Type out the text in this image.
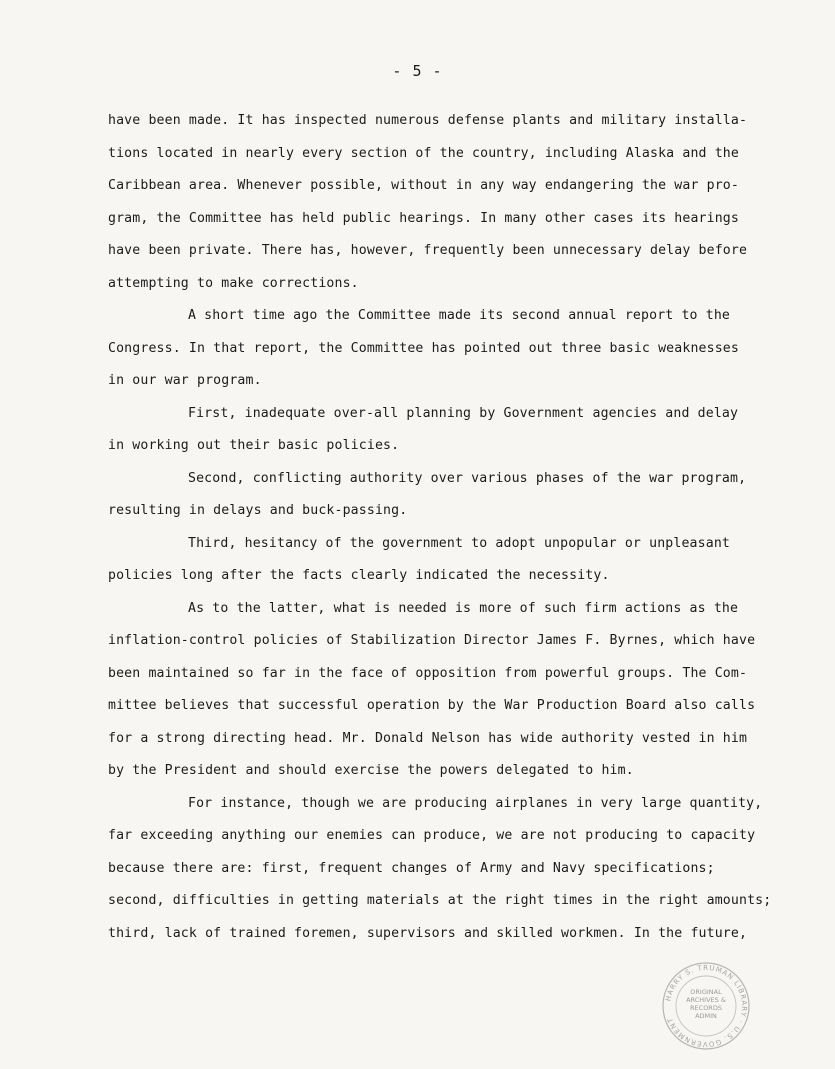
- 5 -
have been made. It has inspected numerous defense plants and military installa-
tions located in nearly every section of the country, including Alaska and the
Caribbean area. Whenever possible, without in any way endangering the war pro-
gram, the Committee has held public hearings. In many other cases its hearings
have been private. There has, however, frequently been unnecessary delay before
attempting to make corrections.
A short time ago the Committee made its second annual report to the
Congress. In that report, the Committee has pointed out three basic weaknesses
in our war program.
First, inadequate over-all planning by Government agencies and delay
in working out their basic policies.
Second, conflicting authority over various phases of the war program,
resulting in delays and buck-passing.
Third, hesitancy of the government to adopt unpopular or unpleasant
policies long after the facts clearly indicated the necessity.
As to the latter, what is needed is more of such firm actions as the
inflation-control policies of Stabilization Director James F. Byrnes, which have
been maintained so far in the face of opposition from powerful groups. The Com-
mittee believes that successful operation by the War Production Board also calls
for a strong directing head. Mr. Donald Nelson has wide authority vested in him
by the President and should exercise the powers delegated to him.
For instance, though we are producing airplanes in very large quantity,
far exceeding anything our enemies can produce, we are not producing to capacity
because there are: first, frequent changes of Army and Navy specifications;
second, difficulties in getting materials at the right times in the right amounts;
third, lack of trained foremen, supervisors and skilled workmen. In the future,
HARRY S. TRUMAN LIBRARY · U.S. GOVERNMENT
ORIGINAL
ARCHIVES &
RECORDS
ADMIN
